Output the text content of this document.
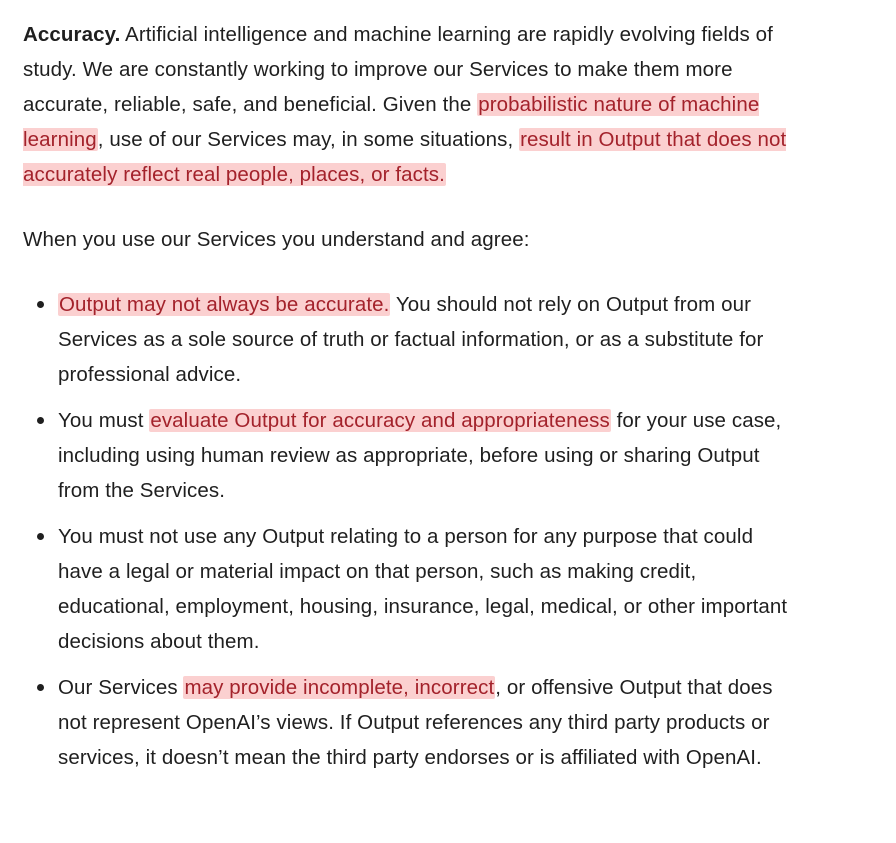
Accuracy. Artificial intelligence and machine learning are rapidly evolving fields of study. We are constantly working to improve our Services to make them more accurate, reliable, safe, and beneficial. Given the probabilistic nature of machine learning, use of our Services may, in some situations, result in Output that does not accurately reflect real people, places, or facts.

When you use our Services you understand and agree:

Output may not always be accurate. You should not rely on Output from our Services as a sole source of truth or factual information, or as a substitute for professional advice.
You must evaluate Output for accuracy and appropriateness for your use case, including using human review as appropriate, before using or sharing Output from the Services.
You must not use any Output relating to a person for any purpose that could have a legal or material impact on that person, such as making credit, educational, employment, housing, insurance, legal, medical, or other important decisions about them.
Our Services may provide incomplete, incorrect, or offensive Output that does not represent OpenAI’s views. If Output references any third party products or services, it doesn’t mean the third party endorses or is affiliated with OpenAI.
